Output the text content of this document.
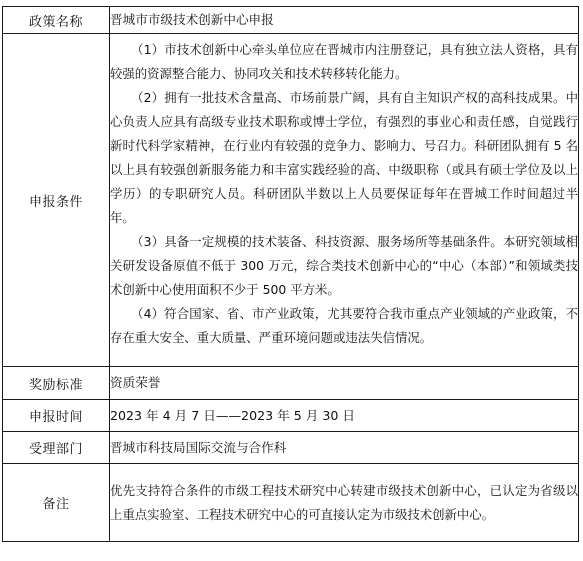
政策名称	晋城市市级技术创新中心申报
申报条件	（1）市技术创新中心牵头单位应在晋城市内注册登记，具有独立法人资格，具有较强的资源整合能力、协同攻关和技术转移转化能力。

（2）拥有一批技术含量高、市场前景广阔，具有自主知识产权的高科技成果。中心负责人应具有高级专业技术职称或博士学位，有强烈的事业心和责任感，自觉践行新时代科学家精神，在行业内有较强的竞争力、影响力、号召力。科研团队拥有 5 名以上具有较强创新服务能力和丰富实践经验的高、中级职称（或具有硕士学位及以上学历）的专职研究人员。科研团队半数以上人员要保证每年在晋城工作时间超过半年。

（3）具备一定规模的技术装备、科技资源、服务场所等基础条件。本研究领域相关研发设备原值不低于 300 万元，综合类技术创新中心的“中心（本部）”和领域类技术创新中心使用面积不少于 500 平方米。

（4）符合国家、省、市产业政策，尤其要符合我市重点产业领域的产业政策，不存在重大安全、重大质量、严重环境问题或违法失信情况。

奖励标准	资质荣誉
申报时间	2023 年 4 月 7 日——2023 年 5 月 30 日
受理部门	晋城市科技局国际交流与合作科
备注	优先支持符合条件的市级工程技术研究中心转建市级技术创新中心，已认定为省级以上重点实验室、工程技术研究中心的可直接认定为市级技术创新中心。
